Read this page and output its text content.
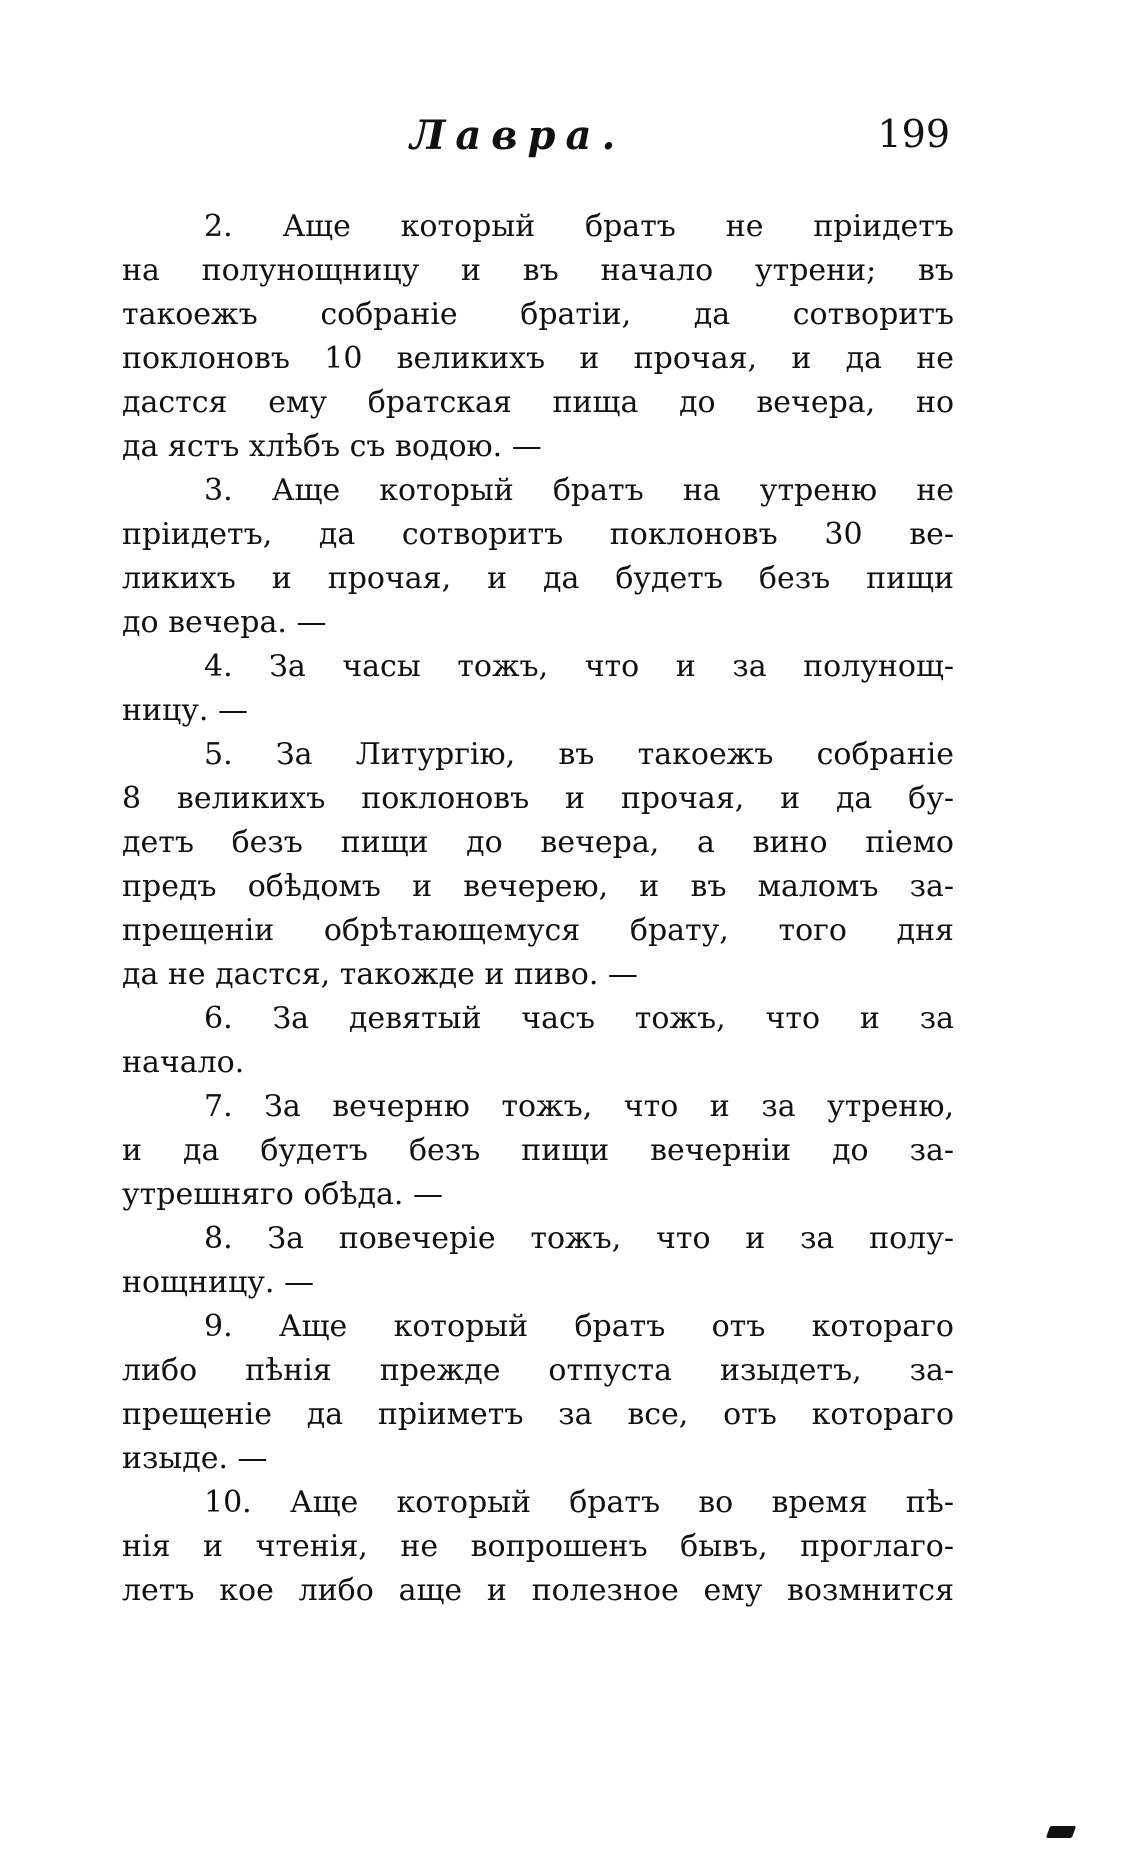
Лавра.	199
2. Аще который братъ не пріидетъ
на полунощницу и въ начало утрени; въ
такоежъ собраніе братіи, да сотворитъ
поклоновъ 10 великихъ и прочая, и да не
дастся ему братская пища до вечера, но
да ястъ хлѣбъ съ водою. —
3. Аще который братъ на утреню не
пріидетъ, да сотворитъ поклоновъ 30 ве-
ликихъ и прочая, и да будетъ безъ пищи
до вечера. —
4. За часы тожъ, что и за полунощ-
ницу. —
5. За Литургію, въ такоежъ собраніе
8 великихъ поклоновъ и прочая, и да бу-
детъ безъ пищи до вечера, а вино піемо
предъ обѣдомъ и вечерею, и въ маломъ за-
прещеніи обрѣтающемуся брату, того дня
да не дастся, такожде и пиво. —
6. За девятый часъ тожъ, что и за
начало.
7. За вечерню тожъ, что и за утреню,
и да будетъ безъ пищи вечерніи до за-
утрешняго обѣда. —
8. За повечеріе тожъ, что и за полу-
нощницу. —
9. Аще который братъ отъ котораго
либо пѣнія прежде отпуста изыдетъ, за-
прещеніе да пріиметъ за все, отъ котораго
изыде. —
10. Аще который братъ во время пѣ-
нія и чтенія, не вопрошенъ бывъ, проглаго-
летъ кое либо аще и полезное ему возмнится
